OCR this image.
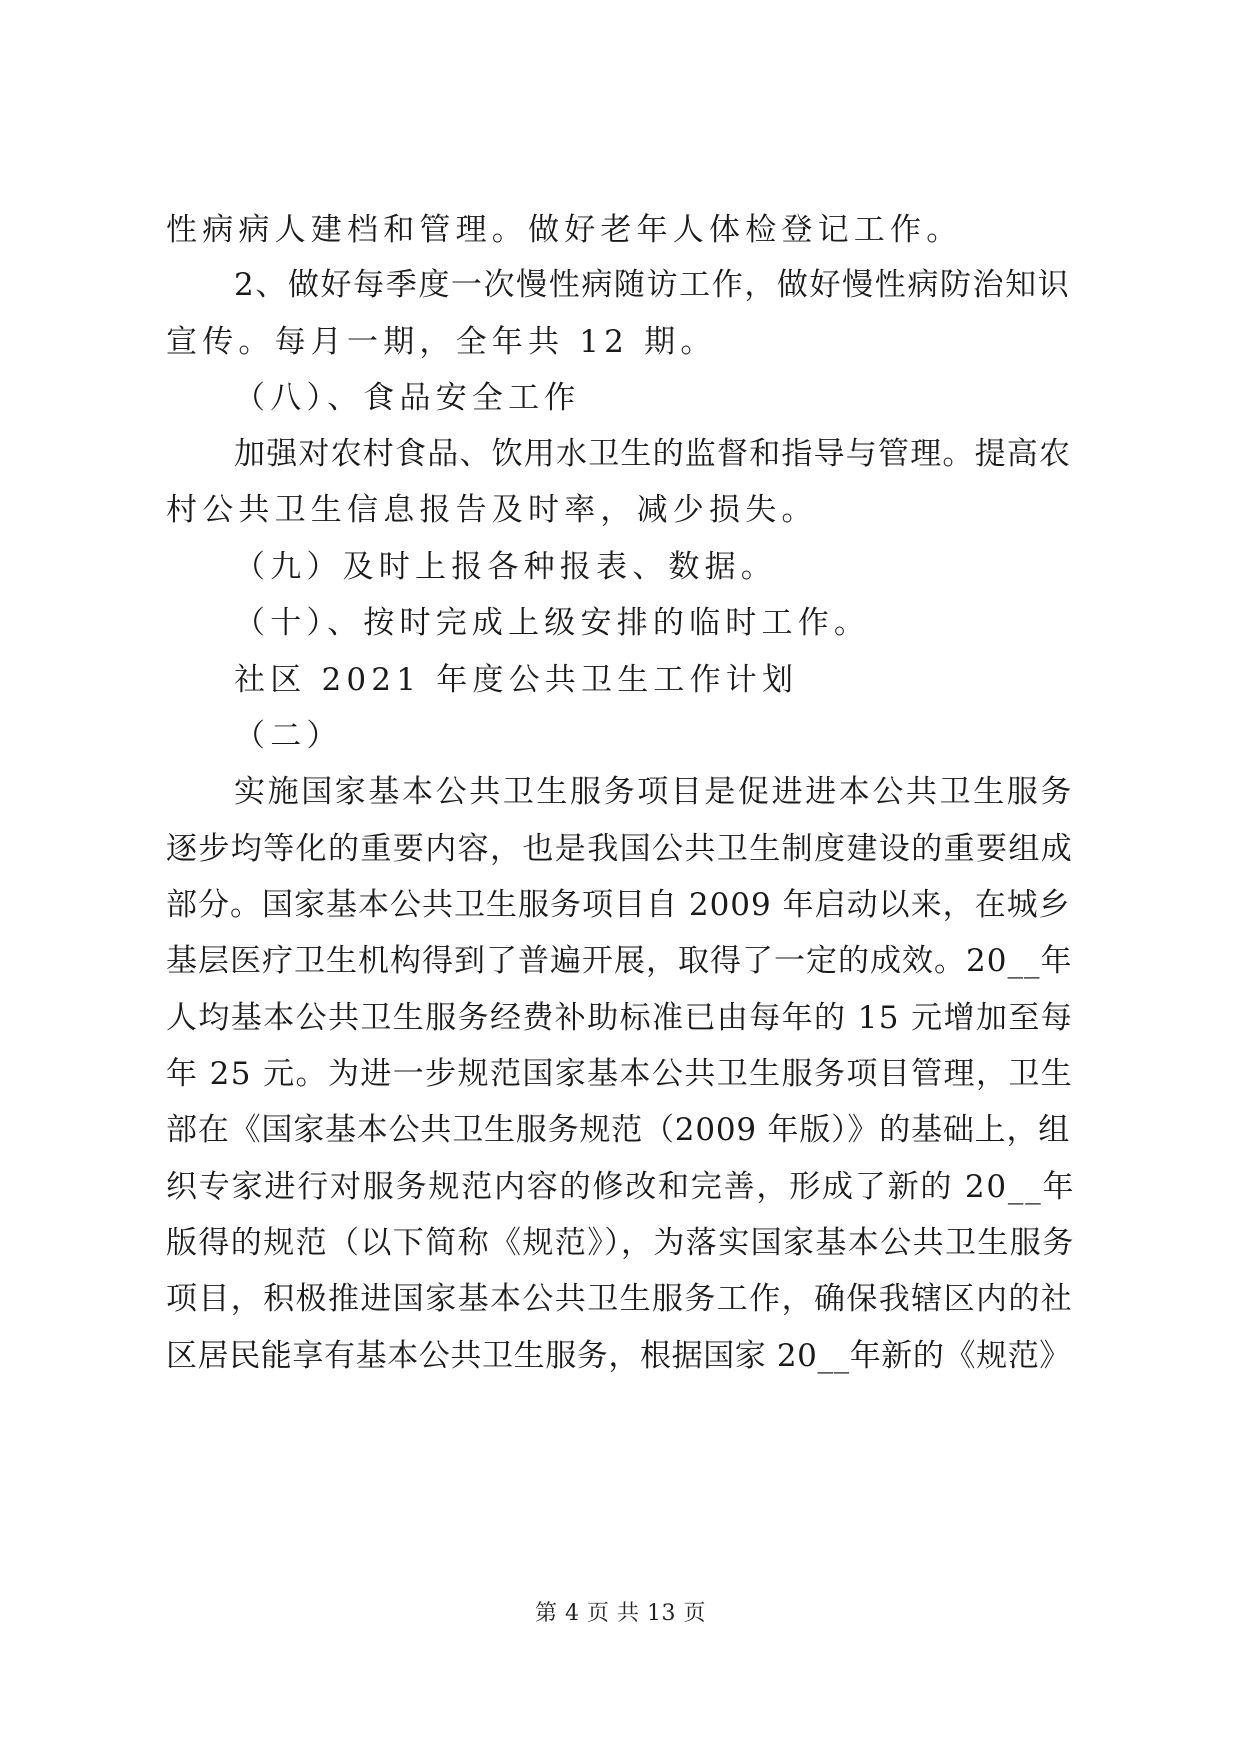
性病病人建档和管理。做好老年人体检登记工作。
2、做好每季度一次慢性病随访工作，做好慢性病防治知识
宣传。每月一期，全年共 12 期。
（八）、食品安全工作
加强对农村食品、饮用水卫生的监督和指导与管理。提高农
村公共卫生信息报告及时率，减少损失。
（九）及时上报各种报表、数据。
（十）、按时完成上级安排的临时工作。
社区 2021 年度公共卫生工作计划
（二）
实施国家基本公共卫生服务项目是促进进本公共卫生服务
逐步均等化的重要内容，也是我国公共卫生制度建设的重要组成
部分。国家基本公共卫生服务项目自 2009 年启动以来，在城乡
基层医疗卫生机构得到了普遍开展，取得了一定的成效。20__年
人均基本公共卫生服务经费补助标准已由每年的 15 元增加至每
年 25 元。为进一步规范国家基本公共卫生服务项目管理，卫生
部在《国家基本公共卫生服务规范（2009 年版）》的基础上，组
织专家进行对服务规范内容的修改和完善，形成了新的 20__年
版得的规范（以下简称《规范》），为落实国家基本公共卫生服务
项目，积极推进国家基本公共卫生服务工作，确保我辖区内的社
区居民能享有基本公共卫生服务，根据国家 20__年新的《规范》
第 4 页 共 13 页
